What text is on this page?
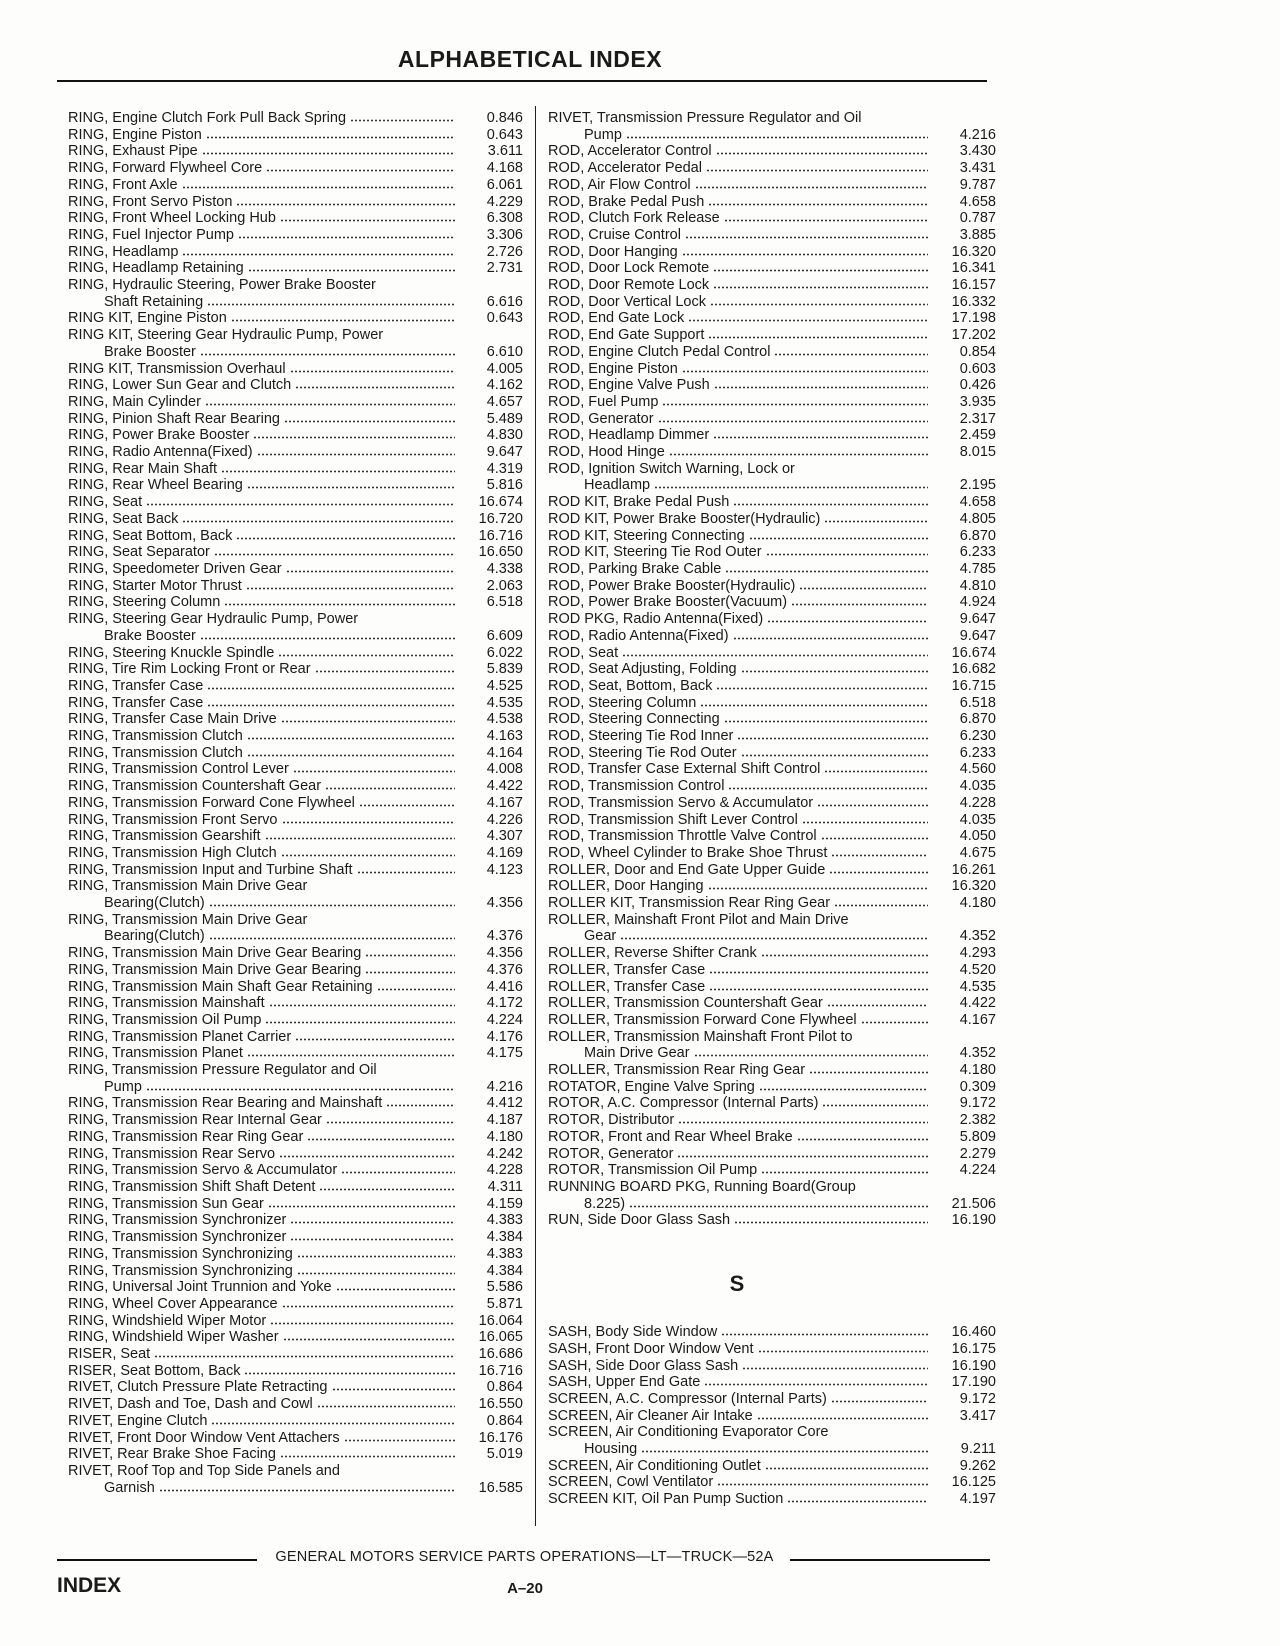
ALPHABETICAL INDEX
RING, Engine Clutch Fork Pull Back Spring	0.846
RING, Engine Piston	0.643
RING, Exhaust Pipe	3.611
RING, Forward Flywheel Core	4.168
RING, Front Axle	6.061
RING, Front Servo Piston	4.229
RING, Front Wheel Locking Hub	6.308
RING, Fuel Injector Pump	3.306
RING, Headlamp	2.726
RING, Headlamp Retaining	2.731
RING, Hydraulic Steering, Power Brake Booster
Shaft Retaining	6.616
RING KIT, Engine Piston	0.643
RING KIT, Steering Gear Hydraulic Pump, Power
Brake Booster	6.610
RING KIT, Transmission Overhaul	4.005
RING, Lower Sun Gear and Clutch	4.162
RING, Main Cylinder	4.657
RING, Pinion Shaft Rear Bearing	5.489
RING, Power Brake Booster	4.830
RING, Radio Antenna(Fixed)	9.647
RING, Rear Main Shaft	4.319
RING, Rear Wheel Bearing	5.816
RING, Seat	16.674
RING, Seat Back	16.720
RING, Seat Bottom, Back	16.716
RING, Seat Separator	16.650
RING, Speedometer Driven Gear	4.338
RING, Starter Motor Thrust	2.063
RING, Steering Column	6.518
RING, Steering Gear Hydraulic Pump, Power
Brake Booster	6.609
RING, Steering Knuckle Spindle	6.022
RING, Tire Rim Locking Front or Rear	5.839
RING, Transfer Case	4.525
RING, Transfer Case	4.535
RING, Transfer Case Main Drive	4.538
RING, Transmission Clutch	4.163
RING, Transmission Clutch	4.164
RING, Transmission Control Lever	4.008
RING, Transmission Countershaft Gear	4.422
RING, Transmission Forward Cone Flywheel	4.167
RING, Transmission Front Servo	4.226
RING, Transmission Gearshift	4.307
RING, Transmission High Clutch	4.169
RING, Transmission Input and Turbine Shaft	4.123
RING, Transmission Main Drive Gear
Bearing(Clutch)	4.356
RING, Transmission Main Drive Gear
Bearing(Clutch)	4.376
RING, Transmission Main Drive Gear Bearing	4.356
RING, Transmission Main Drive Gear Bearing	4.376
RING, Transmission Main Shaft Gear Retaining	4.416
RING, Transmission Mainshaft	4.172
RING, Transmission Oil Pump	4.224
RING, Transmission Planet Carrier	4.176
RING, Transmission Planet	4.175
RING, Transmission Pressure Regulator and Oil
Pump	4.216
RING, Transmission Rear Bearing and Mainshaft	4.412
RING, Transmission Rear Internal Gear	4.187
RING, Transmission Rear Ring Gear	4.180
RING, Transmission Rear Servo	4.242
RING, Transmission Servo & Accumulator	4.228
RING, Transmission Shift Shaft Detent	4.311
RING, Transmission Sun Gear	4.159
RING, Transmission Synchronizer	4.383
RING, Transmission Synchronizer	4.384
RING, Transmission Synchronizing	4.383
RING, Transmission Synchronizing	4.384
RING, Universal Joint Trunnion and Yoke	5.586
RING, Wheel Cover Appearance	5.871
RING, Windshield Wiper Motor	16.064
RING, Windshield Wiper Washer	16.065
RISER, Seat	16.686
RISER, Seat Bottom, Back	16.716
RIVET, Clutch Pressure Plate Retracting	0.864
RIVET, Dash and Toe, Dash and Cowl	16.550
RIVET, Engine Clutch	0.864
RIVET, Front Door Window Vent Attachers	16.176
RIVET, Rear Brake Shoe Facing	5.019
RIVET, Roof Top and Top Side Panels and
Garnish	16.585
RIVET, Transmission Pressure Regulator and Oil
Pump	4.216
ROD, Accelerator Control	3.430
ROD, Accelerator Pedal	3.431
ROD, Air Flow Control	9.787
ROD, Brake Pedal Push	4.658
ROD, Clutch Fork Release	0.787
ROD, Cruise Control	3.885
ROD, Door Hanging	16.320
ROD, Door Lock Remote	16.341
ROD, Door Remote Lock	16.157
ROD, Door Vertical Lock	16.332
ROD, End Gate Lock	17.198
ROD, End Gate Support	17.202
ROD, Engine Clutch Pedal Control	0.854
ROD, Engine Piston	0.603
ROD, Engine Valve Push	0.426
ROD, Fuel Pump	3.935
ROD, Generator	2.317
ROD, Headlamp Dimmer	2.459
ROD, Hood Hinge	8.015
ROD, Ignition Switch Warning, Lock or
Headlamp	2.195
ROD KIT, Brake Pedal Push	4.658
ROD KIT, Power Brake Booster(Hydraulic)	4.805
ROD KIT, Steering Connecting	6.870
ROD KIT, Steering Tie Rod Outer	6.233
ROD, Parking Brake Cable	4.785
ROD, Power Brake Booster(Hydraulic)	4.810
ROD, Power Brake Booster(Vacuum)	4.924
ROD PKG, Radio Antenna(Fixed)	9.647
ROD, Radio Antenna(Fixed)	9.647
ROD, Seat	16.674
ROD, Seat Adjusting, Folding	16.682
ROD, Seat, Bottom, Back	16.715
ROD, Steering Column	6.518
ROD, Steering Connecting	6.870
ROD, Steering Tie Rod Inner	6.230
ROD, Steering Tie Rod Outer	6.233
ROD, Transfer Case External Shift Control	4.560
ROD, Transmission Control	4.035
ROD, Transmission Servo & Accumulator	4.228
ROD, Transmission Shift Lever Control	4.035
ROD, Transmission Throttle Valve Control	4.050
ROD, Wheel Cylinder to Brake Shoe Thrust	4.675
ROLLER, Door and End Gate Upper Guide	16.261
ROLLER, Door Hanging	16.320
ROLLER KIT, Transmission Rear Ring Gear	4.180
ROLLER, Mainshaft Front Pilot and Main Drive
Gear	4.352
ROLLER, Reverse Shifter Crank	4.293
ROLLER, Transfer Case	4.520
ROLLER, Transfer Case	4.535
ROLLER, Transmission Countershaft Gear	4.422
ROLLER, Transmission Forward Cone Flywheel	4.167
ROLLER, Transmission Mainshaft Front Pilot to
Main Drive Gear	4.352
ROLLER, Transmission Rear Ring Gear	4.180
ROTATOR, Engine Valve Spring	0.309
ROTOR, A.C. Compressor (Internal Parts)	9.172
ROTOR, Distributor	2.382
ROTOR, Front and Rear Wheel Brake	5.809
ROTOR, Generator	2.279
ROTOR, Transmission Oil Pump	4.224
RUNNING BOARD PKG, Running Board(Group
8.225)	21.506
RUN, Side Door Glass Sash	16.190
S
SASH, Body Side Window	16.460
SASH, Front Door Window Vent	16.175
SASH, Side Door Glass Sash	16.190
SASH, Upper End Gate	17.190
SCREEN, A.C. Compressor (Internal Parts)	9.172
SCREEN, Air Cleaner Air Intake	3.417
SCREEN, Air Conditioning Evaporator Core
Housing	9.211
SCREEN, Air Conditioning Outlet	9.262
SCREEN, Cowl Ventilator	16.125
SCREEN KIT, Oil Pan Pump Suction	4.197
GENERAL MOTORS SERVICE PARTS OPERATIONS—LT—TRUCK—52A
INDEX	A–20
